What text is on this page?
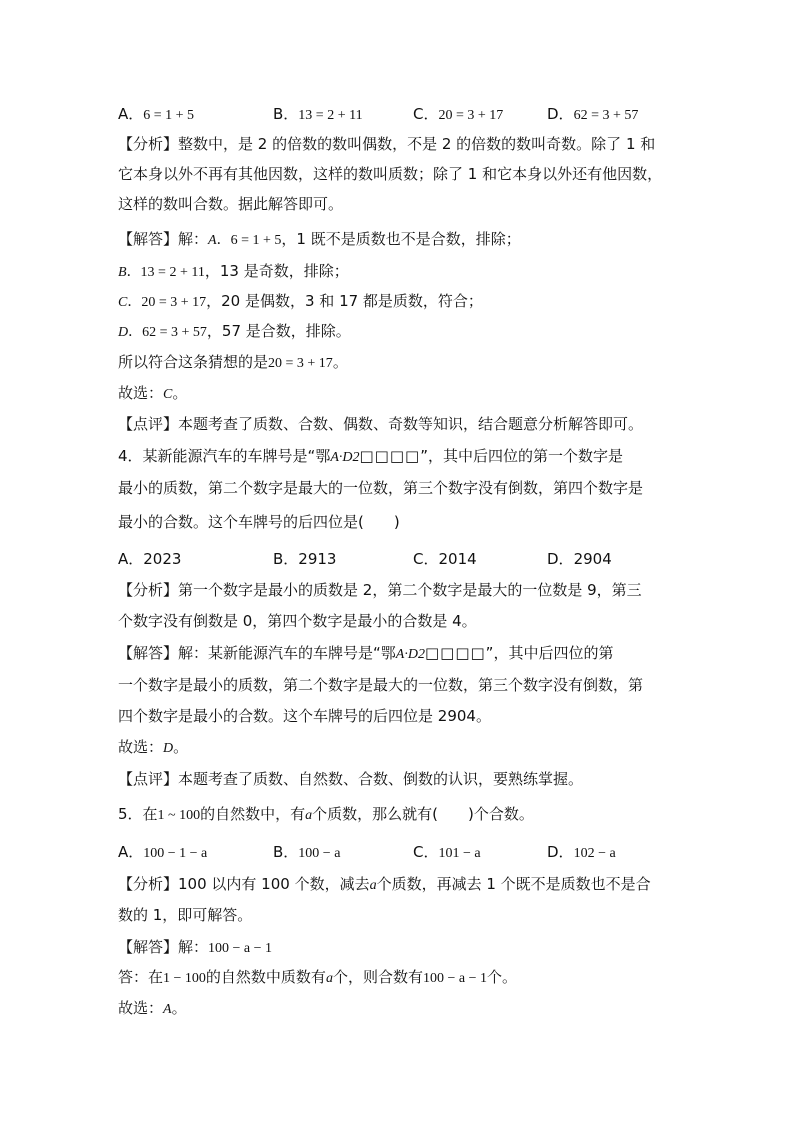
A．6 = 1 + 5	B．13 = 2 + 11	C．20 = 3 + 17	D．62 = 3 + 57
【分析】整数中，是 2 的倍数的数叫偶数，不是 2 的倍数的数叫奇数。除了 1 和
它本身以外不再有其他因数，这样的数叫质数；除了 1 和它本身以外还有他因数，
这样的数叫合数。据此解答即可。
【解答】解：A．6 = 1 + 5，1 既不是质数也不是合数，排除；
B．13 = 2 + 11，13 是奇数，排除；
C．20 = 3 + 17，20 是偶数，3 和 17 都是质数，符合；
D．62 = 3 + 57，57 是合数，排除。
所以符合这条猜想的是20 = 3 + 17。
故选：C。
【点评】本题考查了质数、合数、偶数、奇数等知识，结合题意分析解答即可。
4．某新能源汽车的车牌号是“鄂A·D2□□□□”，其中后四位的第一个数字是
最小的质数，第二个数字是最大的一位数，第三个数字没有倒数，第四个数字是
最小的合数。这个车牌号的后四位是(　　)
A．2023	B．2913	C．2014	D．2904
【分析】第一个数字是最小的质数是 2，第二个数字是最大的一位数是 9，第三
个数字没有倒数是 0，第四个数字是最小的合数是 4。
【解答】解：某新能源汽车的车牌号是“鄂A·D2□□□□”，其中后四位的第
一个数字是最小的质数，第二个数字是最大的一位数，第三个数字没有倒数，第
四个数字是最小的合数。这个车牌号的后四位是 2904。
故选：D。
【点评】本题考查了质数、自然数、合数、倒数的认识，要熟练掌握。
5．在1 ~ 100的自然数中，有a个质数，那么就有(　　)个合数。
A．100 − 1 − a	B．100 − a	C．101 − a	D．102 − a
【分析】100 以内有 100 个数，减去a个质数，再减去 1 个既不是质数也不是合
数的 1，即可解答。
【解答】解：100 − a − 1
答：在1 − 100的自然数中质数有a个，则合数有100 − a − 1个。
故选：A。
